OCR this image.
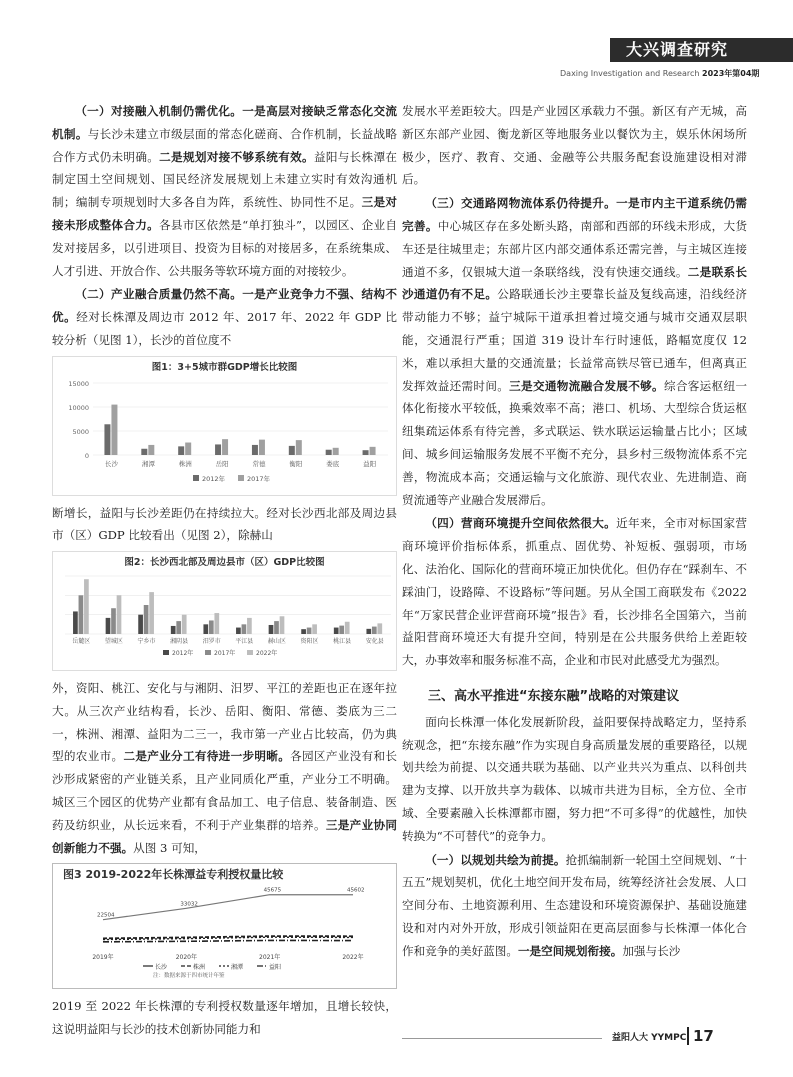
大兴调查研究
Daxing Investigation and Research 2023年第04期

（一）对接融入机制仍需优化。一是高层对接缺乏常态化交流机制。与长沙未建立市级层面的常态化磋商、合作机制，长益战略合作方式仍未明确。二是规划对接不够系统有效。益阳与长株潭在制定国土空间规划、国民经济发展规划上未建立实时有效沟通机制；编制专项规划时大多各自为阵，系统性、协同性不足。三是对接未形成整体合力。各县市区依然是“单打独斗”，以园区、企业自发对接居多，以引进项目、投资为目标的对接居多，在系统集成、人才引进、开放合作、公共服务等软环境方面的对接较少。

（二）产业融合质量仍然不高。一是产业竞争力不强、结构不优。经对长株潭及周边市 2012 年、2017 年、2022 年 GDP 比较分析（见图 1），长沙的首位度不

图1：3+5城市群GDP增长比较图
0
5000
10000
15000
长沙	湘潭	株洲	岳阳	常德	衡阳	娄底	益阳
2012年	2017年

断增长，益阳与长沙差距仍在持续拉大。经对长沙西北部及周边县市（区）GDP 比较看出（见图 2），除赫山

图2：长沙西北部及周边县市（区）GDP比较图
岳麓区 望城区 宁乡市 湘阴县 汨罗市 平江县 赫山区 资阳区 桃江县 安化县
2012年	2017年	2022年

外，资阳、桃江、安化与与湘阴、汨罗、平江的差距也正在逐年拉大。从三次产业结构看，长沙、岳阳、衡阳、常德、娄底为三二一，株洲、湘潭、益阳为二三一，我市第一产业占比较高，仍为典型的农业市。二是产业分工有待进一步明晰。各园区产业没有和长沙形成紧密的产业链关系，且产业同质化严重，产业分工不明确。城区三个园区的优势产业都有食品加工、电子信息、装备制造、医药及纺织业，从长远来看，不利于产业集群的培养。三是产业协同创新能力不强。从图 3 可知，

图3 2019-2022年长株潭益专利授权量比较
22504
33032
45675	45602
2019年	2020年	2021年	2022年
长沙	株洲	湘潭	益阳
注：数据来源于四市统计年鉴

2019 至 2022 年长株潭的专利授权数量逐年增加，且增长较快，这说明益阳与长沙的技术创新协同能力和

发展水平差距较大。四是产业园区承载力不强。新区有产无城，高新区东部产业园、衡龙新区等地服务业以餐饮为主，娱乐休闲场所极少，医疗、教育、交通、金融等公共服务配套设施建设相对滞后。

（三）交通路网物流体系仍待提升。一是市内主干道系统仍需完善。中心城区存在多处断头路，南部和西部的环线未形成，大货车还是往城里走；东部片区内部交通体系还需完善，与主城区连接通道不多，仅银城大道一条联络线，没有快速交通线。二是联系长沙通道仍有不足。公路联通长沙主要靠长益及复线高速，沿线经济带动能力不够；益宁城际干道承担着过境交通与城市交通双层职能，交通混行严重；国道 319 设计车行时速低，路幅宽度仅 12 米，难以承担大量的交通流量；长益常高铁尽管已通车，但离真正发挥效益还需时间。三是交通物流融合发展不够。综合客运枢纽一体化衔接水平较低，换乘效率不高；港口、机场、大型综合货运枢纽集疏运体系有待完善，多式联运、铁水联运运输量占比小；区域间、城乡间运输服务发展不平衡不充分，县乡村三级物流体系不完善，物流成本高；交通运输与文化旅游、现代农业、先进制造、商贸流通等产业融合发展滞后。

（四）营商环境提升空间依然很大。近年来，全市对标国家营商环境评价指标体系，抓重点、固优势、补短板、强弱项，市场化、法治化、国际化的营商环境正加快优化。但仍存在“踩刹车、不踩油门，设路障、不设路标”等问题。另从全国工商联发布《2022 年“万家民营企业评营商环境”报告》看，长沙排名全国第六，当前益阳营商环境还大有提升空间，特别是在公共服务供给上差距较大，办事效率和服务标准不高，企业和市民对此感受尤为强烈。

三、高水平推进“东接东融”战略的对策建议

面向长株潭一体化发展新阶段，益阳要保持战略定力，坚持系统观念，把“东接东融”作为实现自身高质量发展的重要路径，以规划共绘为前提、以交通共联为基础、以产业共兴为重点、以科创共建为支撑、以开放共享为载体、以城市共进为目标，全方位、全市域、全要素融入长株潭都市圈，努力把“不可多得”的优越性，加快转换为“不可替代”的竞争力。

（一）以规划共绘为前提。抢抓编制新一轮国土空间规划、“十五五”规划契机，优化土地空间开发布局，统筹经济社会发展、人口空间分布、土地资源利用、生态建设和环境资源保护、基础设施建设和对内对外开放，形成引领益阳在更高层面参与长株潭一体化合作和竞争的美好蓝图。一是空间规划衔接。加强与长沙

益阳人大 YYMPC 17
